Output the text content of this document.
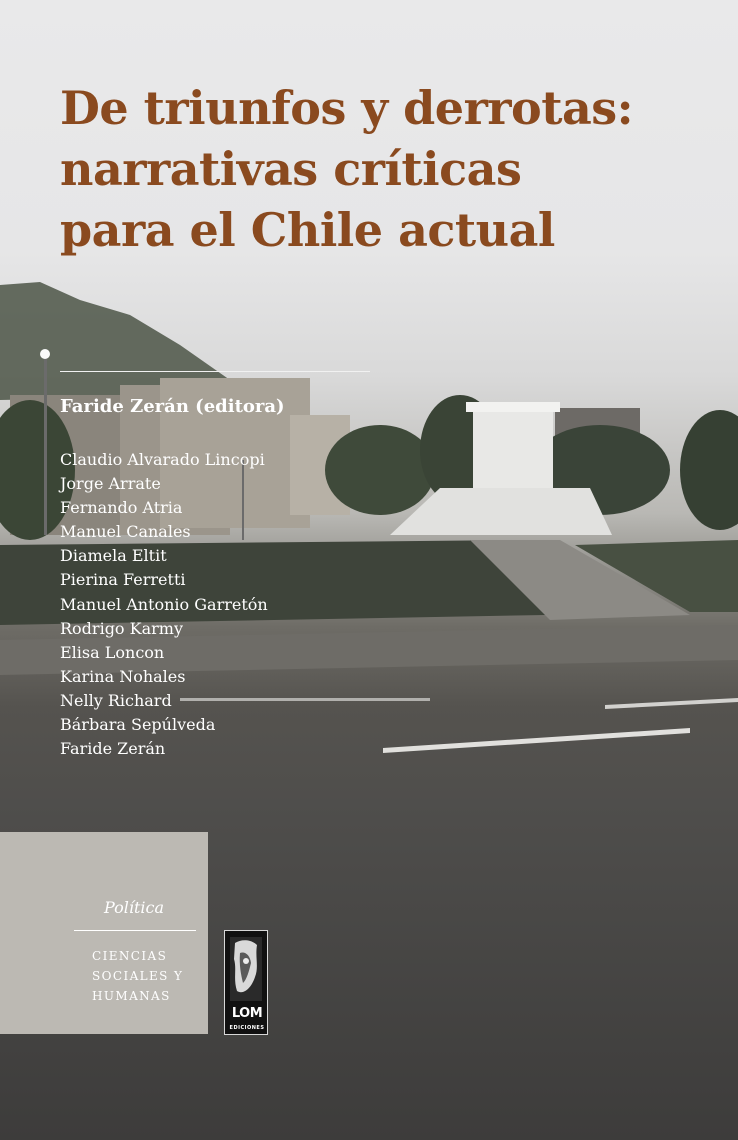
De triunfos y derrotas:
narrativas críticas
para el Chile actual
Faride Zerán (editora)
Claudio Alvarado Lincopi
Jorge Arrate
Fernando Atria
Manuel Canales
Diamela Eltit
Pierina Ferretti
Manuel Antonio Garretón
Rodrigo Karmy
Elisa Loncon
Karina Nohales
Nelly Richard
Bárbara Sepúlveda
Faride Zerán
Política
CIENCIAS
SOCIALES Y
HUMANAS
LOM
EDICIONES
